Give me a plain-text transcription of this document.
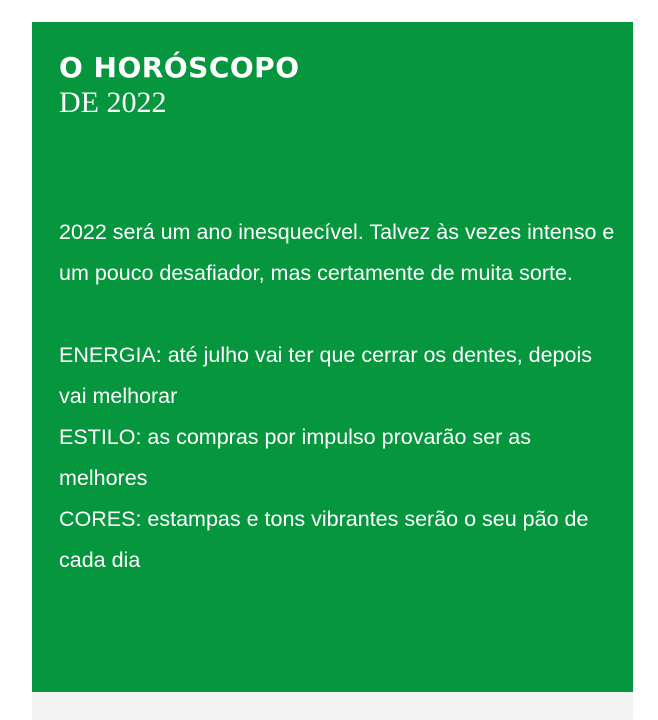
O HORÓSCOPO
DE 2022

2022 será um ano inesquecível. Talvez às vezes intenso e um pouco desafiador, mas certamente de muita sorte.

ENERGIA: até julho vai ter que cerrar os dentes, depois vai melhorar

ESTILO: as compras por impulso provarão ser as melhores

CORES: estampas e tons vibrantes serão o seu pão de cada dia
